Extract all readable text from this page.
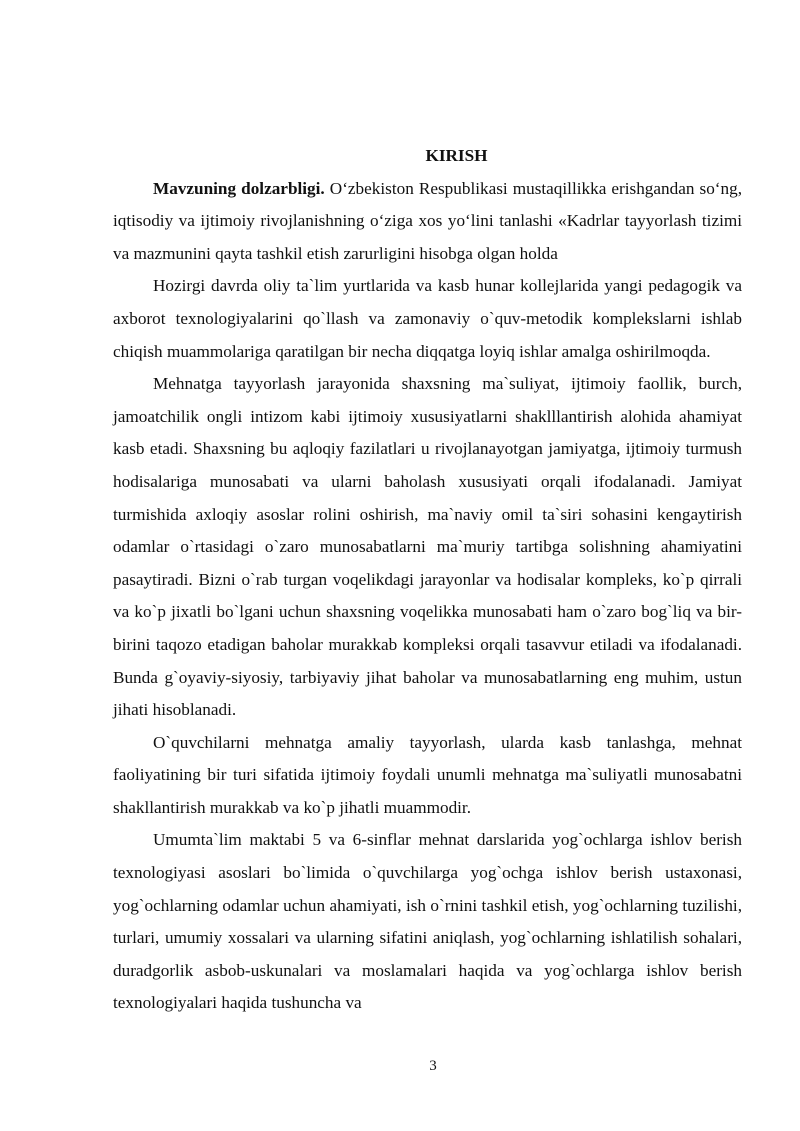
KIRISH

Mavzuning dolzarbligi. O‘zbekiston Respublikasi mustaqillikka erishgandan so‘ng, iqtisodiy va ijtimoiy rivojlanishning o‘ziga xos yo‘lini tanlashi «Kadrlar tayyorlash tizimi va mazmunini qayta tashkil etish zarurligini hisobga olgan holda

Hozirgi davrda oliy ta`lim yurtlarida va kasb hunar kollejlarida yangi pedagogik va axborot texnologiyalarini qo`llash va zamonaviy o`quv-metodik komplekslarni ishlab chiqish muammolariga qaratilgan bir necha diqqatga loyiq ishlar amalga oshirilmoqda.

Mehnatga tayyorlash jarayonida shaxsning ma`suliyat, ijtimoiy faollik, burch, jamoatchilik ongli intizom kabi ijtimoiy xususiyatlarni shaklllantirish alohida ahamiyat kasb etadi. Shaxsning bu aqloqiy fazilatlari u rivojlanayotgan jamiyatga, ijtimoiy turmush hodisalariga munosabati va ularni baholash xususiyati orqali ifodalanadi. Jamiyat turmishida axloqiy asoslar rolini oshirish, ma`naviy omil ta`siri sohasini kengaytirish odamlar o`rtasidagi o`zaro munosabatlarni ma`muriy tartibga solishning ahamiyatini pasaytiradi. Bizni o`rab turgan voqelikdagi jarayonlar va hodisalar kompleks, ko`p qirrali va ko`p jixatli bo`lgani uchun shaxsning voqelikka munosabati ham o`zaro bog`liq va bir-birini taqozo etadigan baholar murakkab kompleksi orqali tasavvur etiladi va ifodalanadi. Bunda g`oyaviy-siyosiy, tarbiyaviy jihat baholar va munosabatlarning eng muhim, ustun jihati hisoblanadi.

O`quvchilarni mehnatga amaliy tayyorlash, ularda kasb tanlashga, mehnat faoliyatining bir turi sifatida ijtimoiy foydali unumli mehnatga ma`suliyatli munosabatni shakllantirish murakkab va ko`p jihatli muammodir.

Umumta`lim maktabi 5 va 6-sinflar mehnat darslarida yog`ochlarga ishlov berish texnologiyasi asoslari bo`limida o`quvchilarga yog`ochga ishlov berish ustaxonasi, yog`ochlarning odamlar uchun ahamiyati, ish o`rnini tashkil etish, yog`ochlarning tuzilishi, turlari, umumiy xossalari va ularning sifatini aniqlash, yog`ochlarning ishlatilish sohalari, duradgorlik asbob-uskunalari va moslamalari haqida va yog`ochlarga ishlov berish texnologiyalari haqida tushuncha va

3
